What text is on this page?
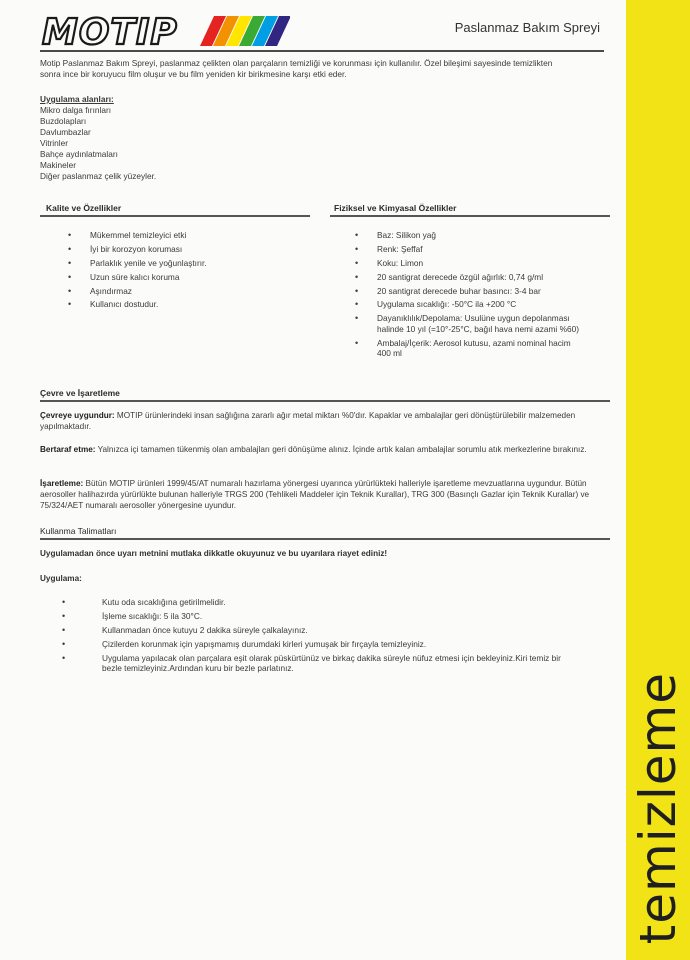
temizleme
MOTIP	Paslanmaz Bakım Spreyi
Motip Paslanmaz Bakım Spreyi, paslanmaz çelikten olan parçaların temizliği ve korunması için kullanılır. Özel bileşimi sayesinde temizlikten sonra ince bir koruyucu film oluşur ve bu film yeniden kir birikmesine karşı etki eder.
Uygulama alanları:
Mikro dalga fırınları
Buzdolapları
Davlumbazlar
Vitrinler
Bahçe aydınlatmaları
Makineler
Diğer paslanmaz çelik yüzeyler.
Kalite ve Özellikler	Fiziksel ve Kimyasal Özellikler
• Mükemmel temizleyici etki
• İyi bir korozyon koruması
• Parlaklık yenile ve yoğunlaştırır.
• Uzun süre kalıcı koruma
• Aşındırmaz
• Kullanıcı dostudur.
• Baz: Silikon yağ
• Renk: Şeffaf
• Koku: Limon
• 20 santigrat derecede özgül ağırlık: 0,74 g/ml
• 20 santigrat derecede buhar basıncı: 3-4 bar
• Uygulama sıcaklığı: -50°C ila +200 °C
• Dayanıklılık/Depolama: Usulüne uygun depolanması halinde 10 yıl (=10°-25°C, bağıl hava nemi azami %60)
• Ambalaj/İçerik: Aerosol kutusu, azami nominal hacim 400 ml
Çevre ve İşaretleme
Çevreye uygundur: MOTIP ürünlerindeki insan sağlığına zararlı ağır metal miktarı %0'dır. Kapaklar ve ambalajlar geri dönüştürülebilir malzemeden yapılmaktadır.
Bertaraf etme: Yalnızca içi tamamen tükenmiş olan ambalajları geri dönüşüme alınız. İçinde artık kalan ambalajlar sorumlu atık merkezlerine bırakınız.
İşaretleme: Bütün MOTIP ürünleri 1999/45/AT numaralı hazırlama yönergesi uyarınca yürürlükteki halleriyle işaretleme mevzuatlarına uygundur. Bütün aerosoller halihazırda yürürlükte bulunan halleriyle TRGS 200 (Tehlikeli Maddeler için Teknik Kurallar), TRG 300 (Basınçlı Gazlar için Teknik Kurallar) ve 75/324/AET numaralı aerosoller yönergesine uyundur.
Kullanma Talimatları
Uygulamadan önce uyarı metnini mutlaka dikkatle okuyunuz ve bu uyarılara riayet ediniz!
Uygulama:
• Kutu oda sıcaklığına getirilmelidir.
• İşleme sıcaklığı: 5 ila 30°C.
• Kullanmadan önce kutuyu 2 dakika süreyle çalkalayınız.
• Çizilerden korunmak için yapışmamış durumdaki kirleri yumuşak bir fırçayla temizleyiniz.
• Uygulama yapılacak olan parçalara eşit olarak püskürtünüz ve birkaç dakika süreyle nüfuz etmesi için bekleyiniz.Kiri temiz bir bezle temizleyiniz.Ardından kuru bir bezle parlatınız.
